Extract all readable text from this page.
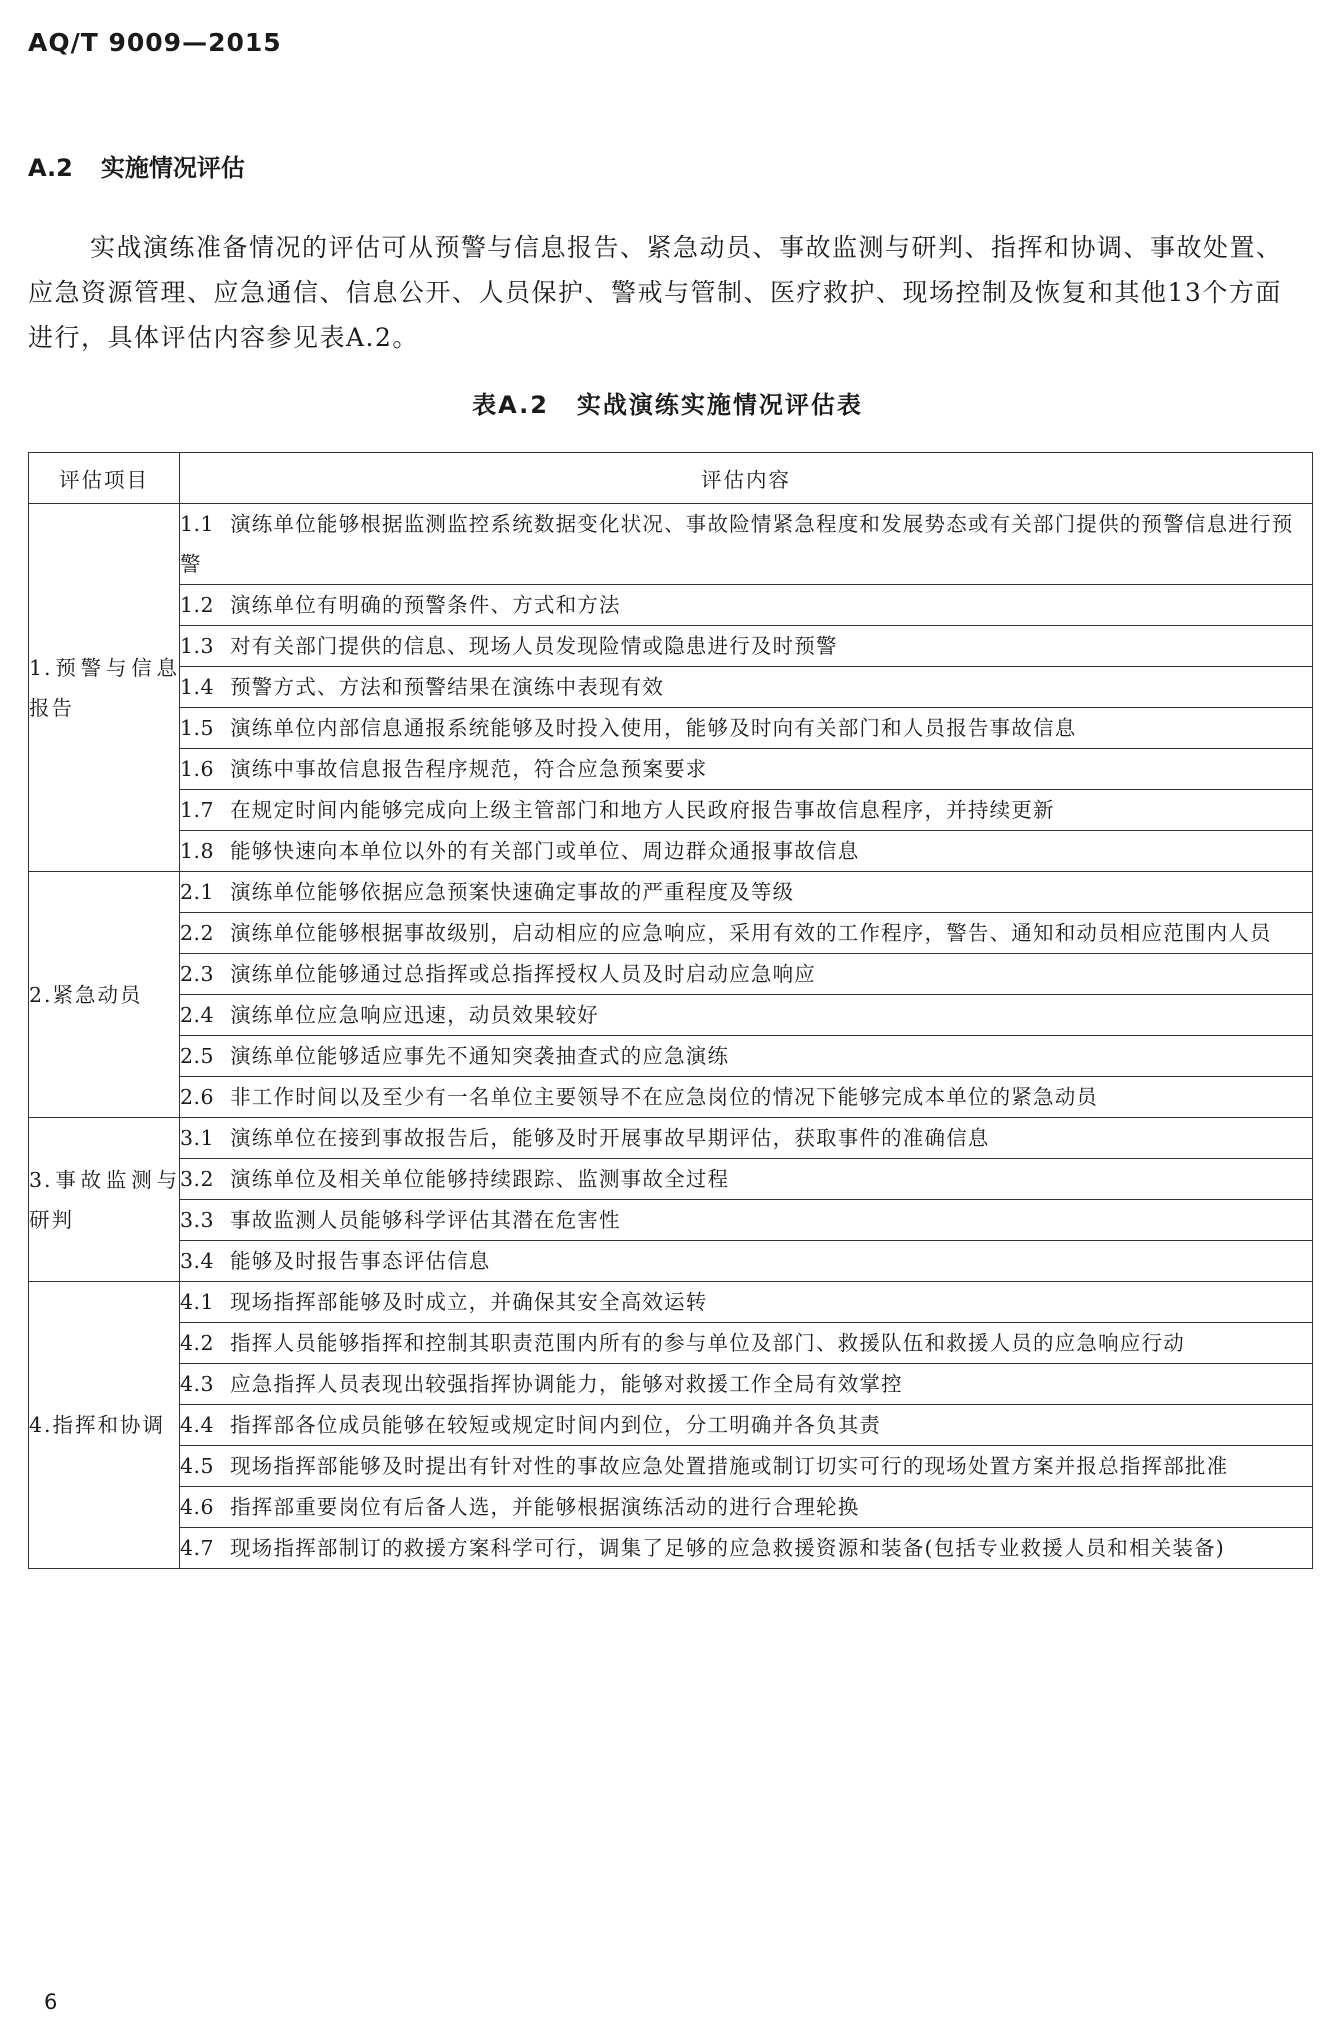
AQ/T 9009—2015
A.2 实施情况评估

实战演练准备情况的评估可从预警与信息报告、紧急动员、事故监测与研判、指挥和协调、事故处置、应急资源管理、应急通信、信息公开、人员保护、警戒与管制、医疗救护、现场控制及恢复和其他13个方面进行，具体评估内容参见表A.2。

表A.2 实战演练实施情况评估表
评估项目	评估内容
1.预警与信息报告	1.1 演练单位能够根据监测监控系统数据变化状况、事故险情紧急程度和发展势态或有关部门提供的预警信息进行预警
	1.2 演练单位有明确的预警条件、方式和方法
	1.3 对有关部门提供的信息、现场人员发现险情或隐患进行及时预警
	1.4 预警方式、方法和预警结果在演练中表现有效
	1.5 演练单位内部信息通报系统能够及时投入使用，能够及时向有关部门和人员报告事故信息
	1.6 演练中事故信息报告程序规范，符合应急预案要求
	1.7 在规定时间内能够完成向上级主管部门和地方人民政府报告事故信息程序，并持续更新
	1.8 能够快速向本单位以外的有关部门或单位、周边群众通报事故信息
2.紧急动员	2.1 演练单位能够依据应急预案快速确定事故的严重程度及等级
	2.2 演练单位能够根据事故级别，启动相应的应急响应，采用有效的工作程序，警告、通知和动员相应范围内人员
	2.3 演练单位能够通过总指挥或总指挥授权人员及时启动应急响应
	2.4 演练单位应急响应迅速，动员效果较好
	2.5 演练单位能够适应事先不通知突袭抽查式的应急演练
	2.6 非工作时间以及至少有一名单位主要领导不在应急岗位的情况下能够完成本单位的紧急动员
3.事故监测与研判	3.1 演练单位在接到事故报告后，能够及时开展事故早期评估，获取事件的准确信息
	3.2 演练单位及相关单位能够持续跟踪、监测事故全过程
	3.3 事故监测人员能够科学评估其潜在危害性
	3.4 能够及时报告事态评估信息
4.指挥和协调	4.1 现场指挥部能够及时成立，并确保其安全高效运转
	4.2 指挥人员能够指挥和控制其职责范围内所有的参与单位及部门、救援队伍和救援人员的应急响应行动
	4.3 应急指挥人员表现出较强指挥协调能力，能够对救援工作全局有效掌控
	4.4 指挥部各位成员能够在较短或规定时间内到位，分工明确并各负其责
	4.5 现场指挥部能够及时提出有针对性的事故应急处置措施或制订切实可行的现场处置方案并报总指挥部批准
	4.6 指挥部重要岗位有后备人选，并能够根据演练活动的进行合理轮换
	4.7 现场指挥部制订的救援方案科学可行，调集了足够的应急救援资源和装备(包括专业救援人员和相关装备)
6
